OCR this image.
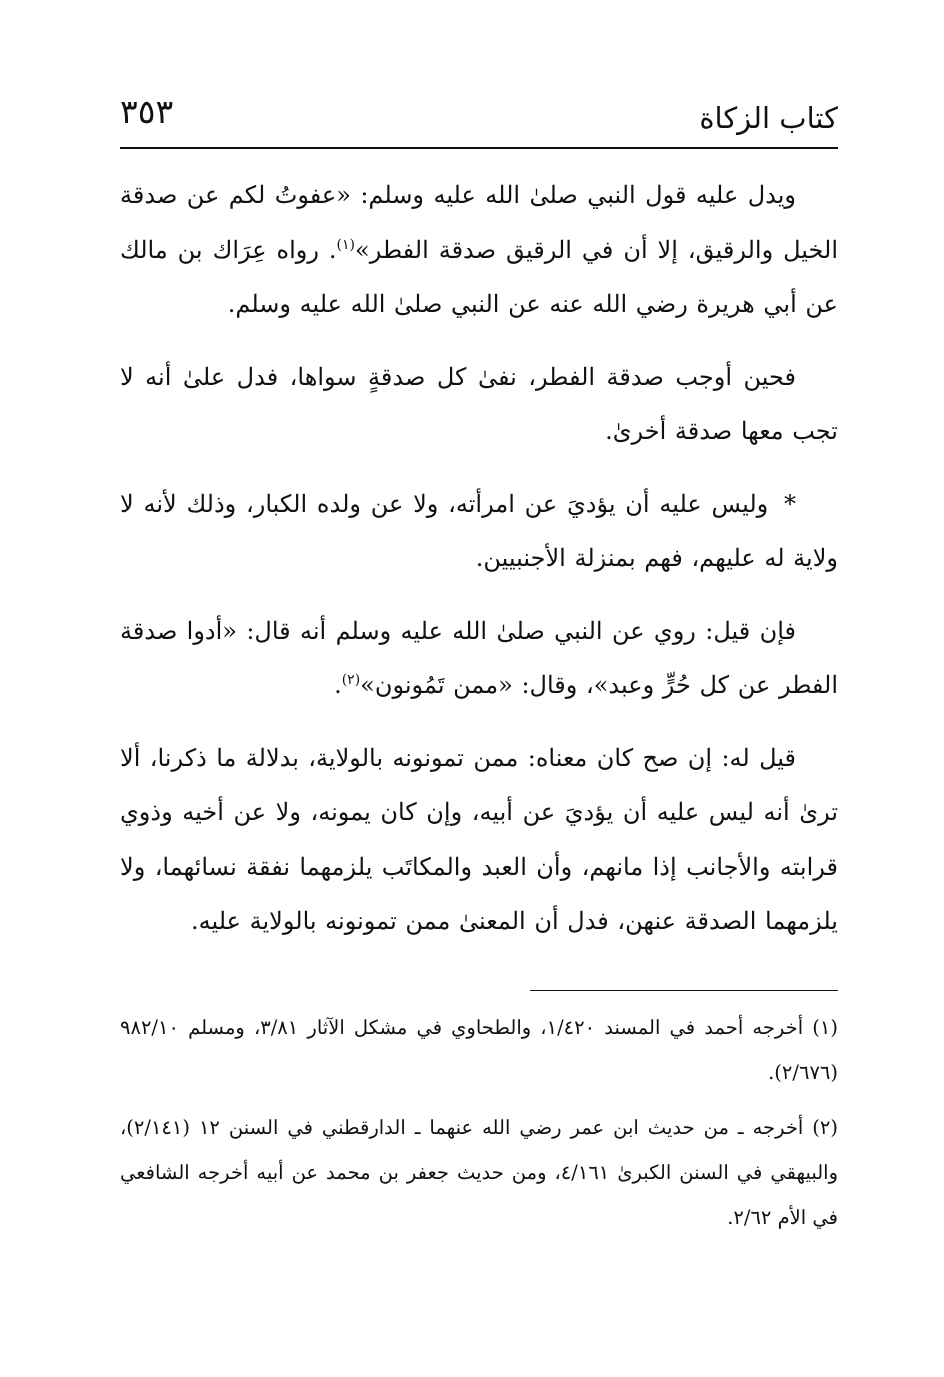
كتاب الزكاة
٣٥٣

ويدل عليه قول النبي صلىٰ الله عليه وسلم: «عفوتُ لكم عن صدقة الخيل والرقيق، إلا أن في الرقيق صدقة الفطر»$^{(١)}$. رواه عِرَاك بن مالك عن أبي هريرة رضي الله عنه عن النبي صلىٰ الله عليه وسلم.

فحين أوجب صدقة الفطر، نفىٰ كل صدقةٍ سواها، فدل علىٰ أنه لا تجب معها صدقة أخرىٰ.

* وليس عليه أن يؤديَ عن امرأته، ولا عن ولده الكبار، وذلك لأنه لا ولاية له عليهم، فهم بمنزلة الأجنبيين.

فإن قيل: روي عن النبي صلىٰ الله عليه وسلم أنه قال: «أدوا صدقة الفطر عن كل حُرٍّ وعبد»، وقال: «ممن تَمُونون»$^{(٢)}$.

قيل له: إن صح كان معناه: ممن تمونونه بالولاية، بدلالة ما ذكرنا، ألا ترىٰ أنه ليس عليه أن يؤديَ عن أبيه، وإن كان يمونه، ولا عن أخيه وذوي قرابته والأجانب إذا مانهم، وأن العبد والمكاتَب يلزمهما نفقة نسائهما، ولا يلزمهما الصدقة عنهن، فدل أن المعنىٰ ممن تمونونه بالولاية عليه.

(١) أخرجه أحمد في المسند ١/٤٢٠، والطحاوي في مشكل الآثار ٣/٨١، ومسلم ٩٨٢/١٠ (٢/٦٧٦).

(٢) أخرجه ـ من حديث ابن عمر رضي الله عنهما ـ الدارقطني في السنن ١٢ (٢/١٤١)، والبيهقي في السنن الكبرىٰ ٤/١٦١، ومن حديث جعفر بن محمد عن أبيه أخرجه الشافعي في الأم ٢/٦٢.
